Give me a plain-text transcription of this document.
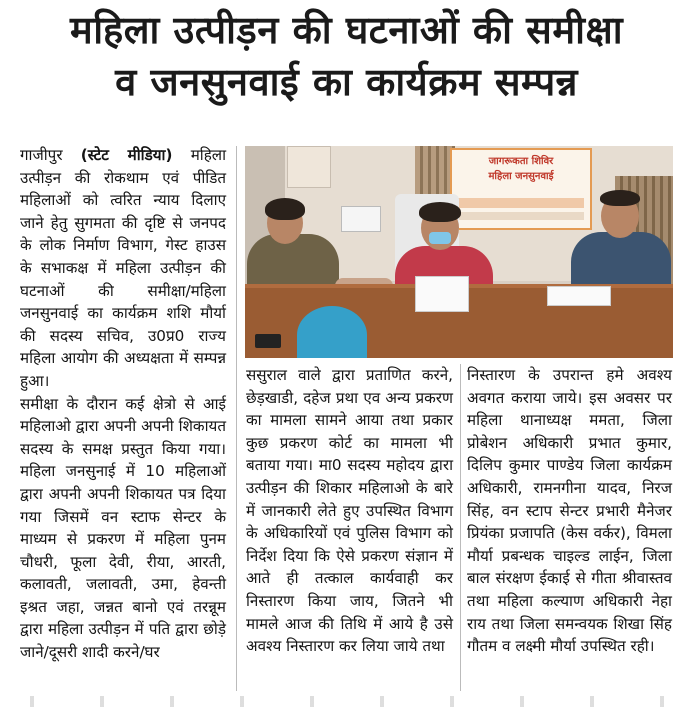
महिला उत्पीड़न की घटनाओं की समीक्षा
व जनसुनवाई का कार्यक्रम सम्पन्न

गाजीपुर (स्टेट मीडिया) महिला उत्पीड़न की रोकथाम एवं पीडित महिलाओं को त्वरित न्याय दिलाए जाने हेतु सुगमता की दृष्टि से जनपद के लोक निर्माण विभाग, गेस्ट हाउस के सभाकक्ष में महिला उत्पीड़न की घटनाओं की समीक्षा/महिला जनसुनवाई का कार्यक्रम शशि मौर्या की सदस्य सचिव, उ0प्र0 राज्य महिला आयोग की अध्यक्षता में सम्पन्न हुआ।

समीक्षा के दौरान कई क्षेत्रो से आई महिलाओ द्वारा अपनी अपनी शिकायत सदस्य के समक्ष प्रस्तुत किया गया। महिला जनसुनाई में 10 महिलाओं द्वारा अपनी अपनी शिकायत पत्र दिया गया जिसमें वन स्टाफ सेन्टर के माध्यम से प्रकरण में महिला पुनम चौधरी, फूला देवी, रीया, आरती, कलावती, जलावती, उमा, हेवन्ती इश्रत जहा, जन्नत बानो एवं तरन्नूम द्वारा महिला उत्पीड़न में पति द्वारा छोड़े जाने/दूसरी शादी करने/घर

जागरूकता शिविर
महिला जनसुनवाई

ससुराल वाले द्वारा प्रताणित करने, छेड़खाडी, दहेज प्रथा एव अन्य प्रकरण का मामला सामने आया तथा प्रकार कुछ प्रकरण कोर्ट का मामला भी बताया गया। मा0 सदस्य महोदय द्वारा उत्पीड़न की शिकार महिलाओ के बारे में जानकारी लेते हुए उपस्थित विभाग के अधिकारियों एवं पुलिस विभाग को निर्देश दिया कि ऐसे प्रकरण संज्ञान में आते ही तत्काल कार्यवाही कर निस्तारण किया जाय, जितने भी मामले आज की तिथि में आये है उसे अवश्य निस्तारण कर लिया जाये तथा

निस्तारण के उपरान्त हमे अवश्य अवगत कराया जाये। इस अवसर पर महिला थानाध्यक्ष ममता, जिला प्रोबेशन अधिकारी प्रभात कुमार, दिलिप कुमार पाण्डेय जिला कार्यक्रम अधिकारी, रामनगीना यादव, निरज सिंह, वन स्टाप सेन्टर प्रभारी मैनेजर प्रियंका प्रजापति (केस वर्कर), विमला मौर्या प्रबन्धक चाइल्ड लाईन, जिला बाल संरक्षण ईकाई से गीता श्रीवास्तव तथा महिला कल्याण अधिकारी नेहा राय तथा जिला समन्वयक शिखा सिंह गौतम व लक्ष्मी मौर्या उपस्थित रही।
